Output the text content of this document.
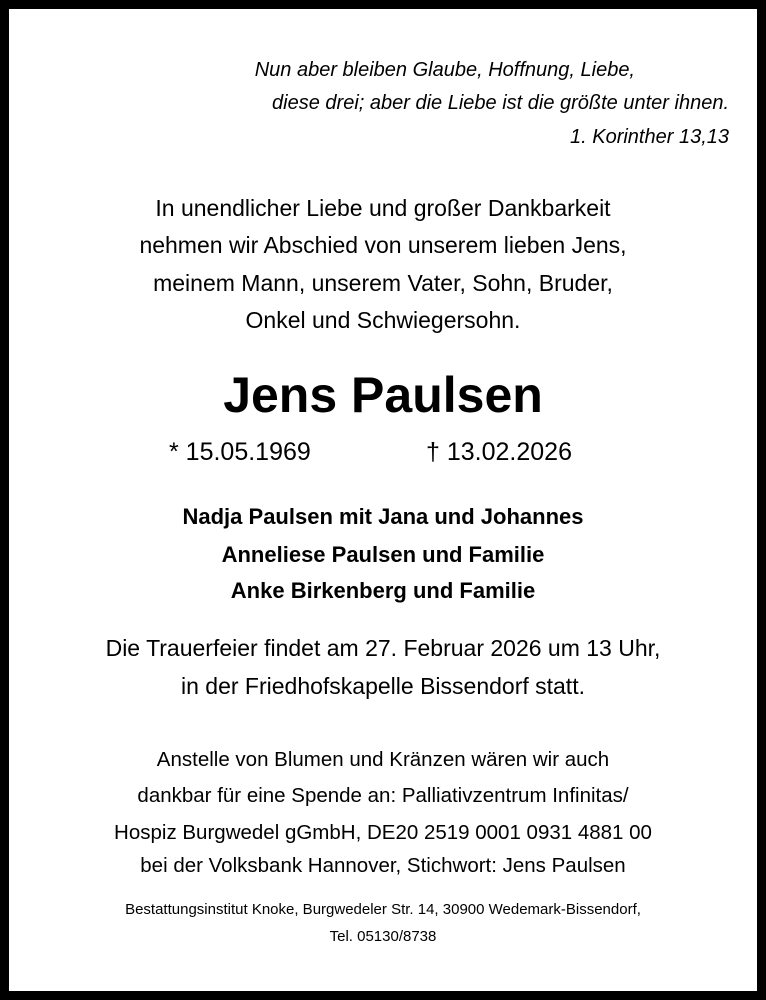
Nun aber bleiben Glaube, Hoffnung, Liebe,
diese drei; aber die Liebe ist die größte unter ihnen.
1. Korinther 13,13
In unendlicher Liebe und großer Dankbarkeit
nehmen wir Abschied von unserem lieben Jens,
meinem Mann, unserem Vater, Sohn, Bruder,
Onkel und Schwiegersohn.
Jens Paulsen
* 15.05.1969	† 13.02.2026
Nadja Paulsen mit Jana und Johannes
Anneliese Paulsen und Familie
Anke Birkenberg und Familie
Die Trauerfeier findet am 27. Februar 2026 um 13 Uhr,
in der Friedhofskapelle Bissendorf statt.
Anstelle von Blumen und Kränzen wären wir auch
dankbar für eine Spende an: Palliativzentrum Infinitas/
Hospiz Burgwedel gGmbH, DE20 2519 0001 0931 4881 00
bei der Volksbank Hannover, Stichwort: Jens Paulsen
Bestattungsinstitut Knoke, Burgwedeler Str. 14, 30900 Wedemark-Bissendorf,
Tel. 05130/8738
